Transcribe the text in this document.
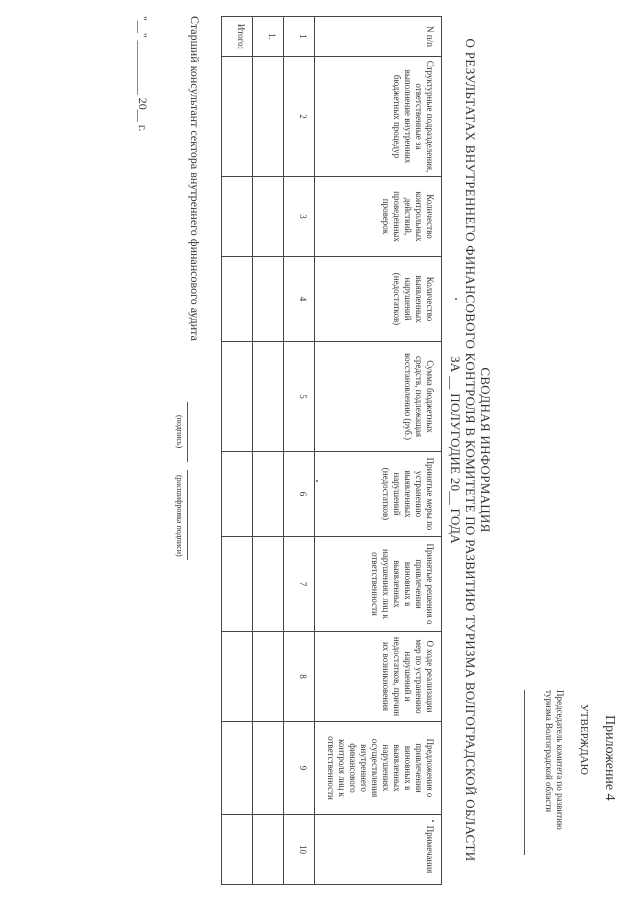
Приложение 4
УТВЕРЖДАЮ
Председатель комитета по развитию туризма Волгоградской области
СВОДНАЯ ИНФОРМАЦИЯ
О РЕЗУЛЬТАТАХ ВНУТРЕННЕГО ФИНАНСОВОГО КОНТРОЛЯ В КОМИТЕТЕ ПО РАЗВИТИЮ ТУРИЗМА ВОЛГОГРАДСКОЙ ОБЛАСТИ
ЗА __ ПОЛУГОДИЕ 20__ ГОДА
N п/п	Структурные подразделения, ответственные за выполнение внутренних бюджетных процедур	Количество контрольных действий, проведенных проверок	Количество выявленных нарушений (недостатков)	Сумма бюджетных средств, подлежащая восстановлению (руб.)	Принятые меры по устранению выявленных нарушений (недостатков)	Принятые решения о привлечении виновных в выявленных нарушениях лиц к ответственности	О ходе реализации мер по устранению нарушений и недостатков, причин их возникновения	Предложения о привлечении виновных в выявленных нарушениях осуществления внутреннего финансового контроля лиц к ответственности	Примечания
1	2	3	4	5	6	7	8	9	10
1.									
Итого:									
Старший консультант сектора внутреннего финансового аудита
(подпись)
(расшифровка подписи)
"__" _________ 20__ г.
